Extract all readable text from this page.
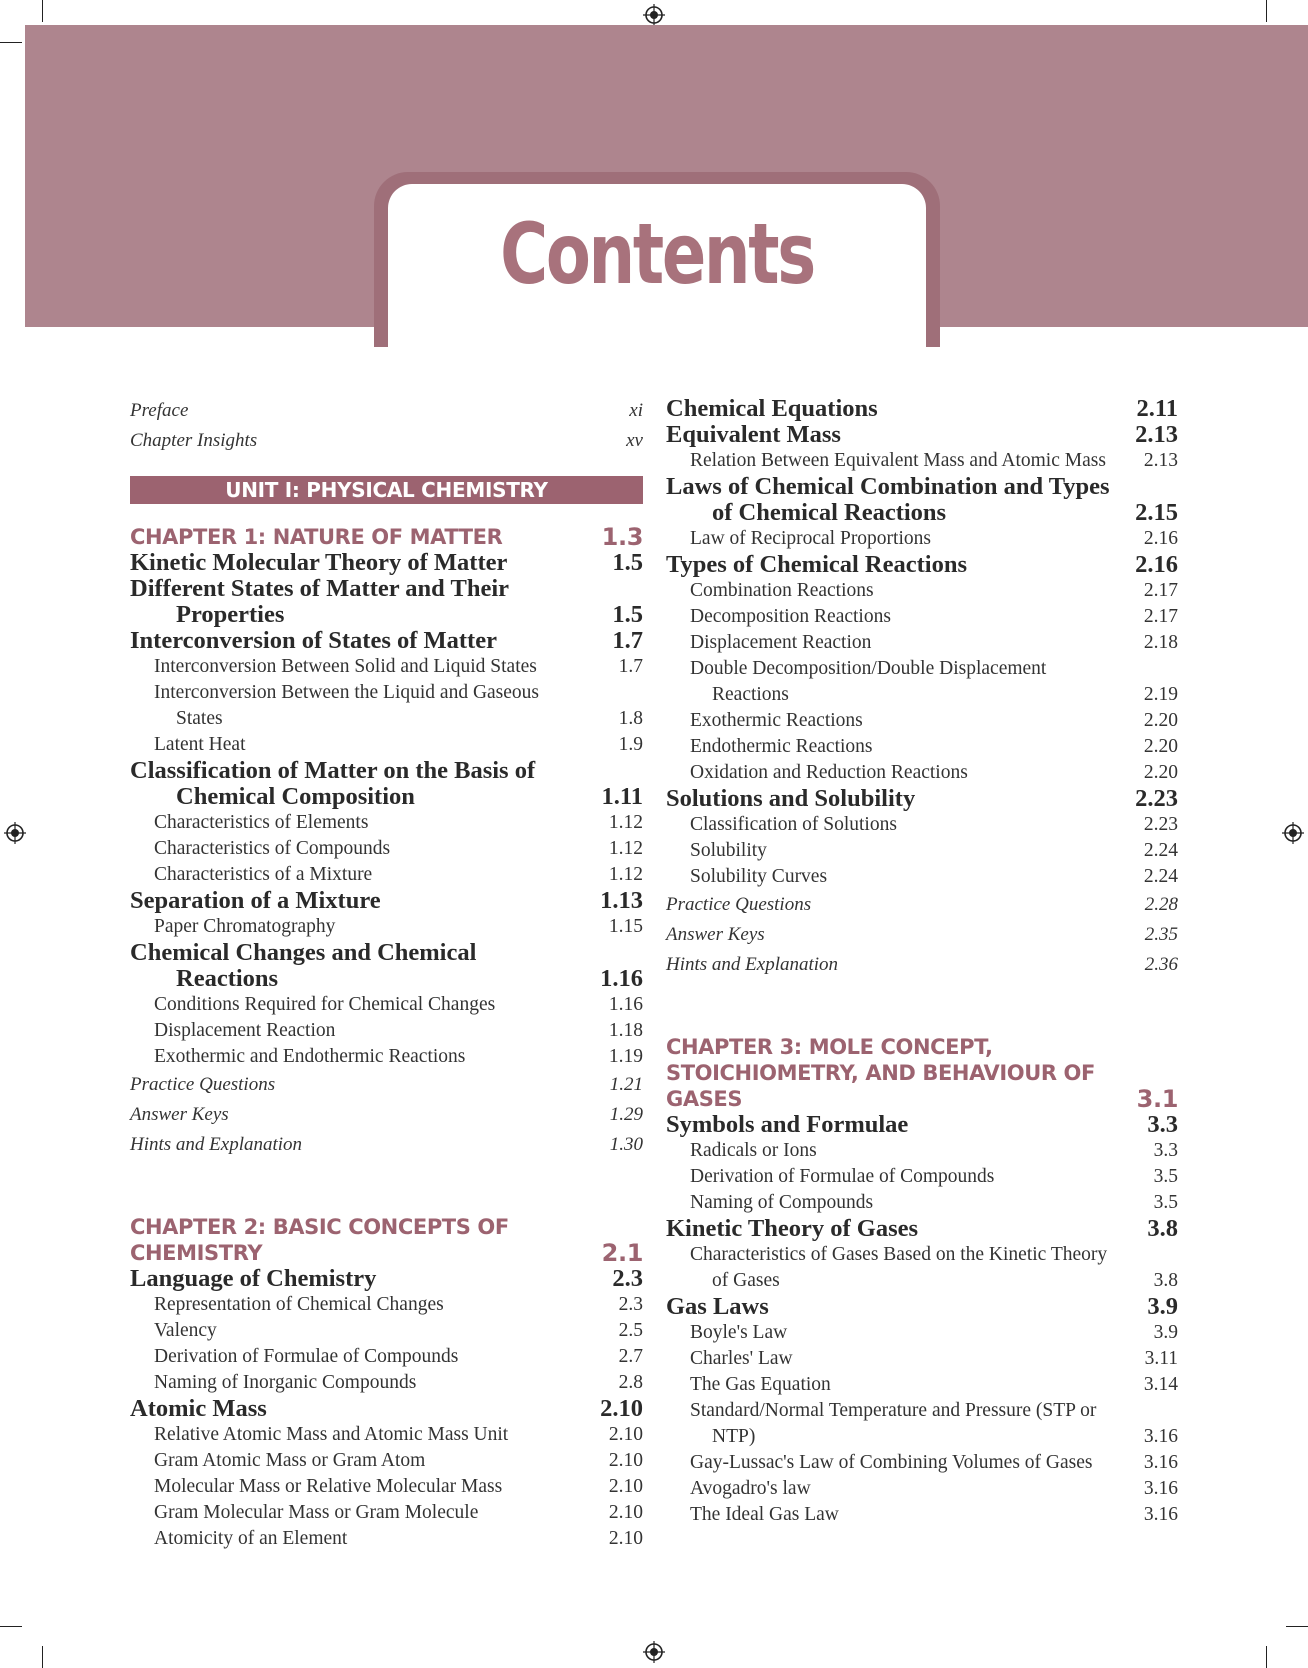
Contents
Preface	xi
Chapter Insights	xv
UNIT I: PHYSICAL CHEMISTRY
CHAPTER 1: NATURE OF MATTER	1.3
Kinetic Molecular Theory of Matter	1.5
Different States of Matter and Their Properties	1.5
Interconversion of States of Matter	1.7
Interconversion Between Solid and Liquid States	1.7
Interconversion Between the Liquid and Gaseous States	1.8
Latent Heat	1.9
Classification of Matter on the Basis of Chemical Composition	1.11
Characteristics of Elements	1.12
Characteristics of Compounds	1.12
Characteristics of a Mixture	1.12
Separation of a Mixture	1.13
Paper Chromatography	1.15
Chemical Changes and Chemical Reactions	1.16
Conditions Required for Chemical Changes	1.16
Displacement Reaction	1.18
Exothermic and Endothermic Reactions	1.19
Practice Questions	1.21
Answer Keys	1.29
Hints and Explanation	1.30
CHAPTER 2: BASIC CONCEPTS OF CHEMISTRY	2.1
Language of Chemistry	2.3
Representation of Chemical Changes	2.3
Valency	2.5
Derivation of Formulae of Compounds	2.7
Naming of Inorganic Compounds	2.8
Atomic Mass	2.10
Relative Atomic Mass and Atomic Mass Unit	2.10
Gram Atomic Mass or Gram Atom	2.10
Molecular Mass or Relative Molecular Mass	2.10
Gram Molecular Mass or Gram Molecule	2.10
Atomicity of an Element	2.10
Chemical Equations	2.11
Equivalent Mass	2.13
Relation Between Equivalent Mass and Atomic Mass	2.13
Laws of Chemical Combination and Types of Chemical Reactions	2.15
Law of Reciprocal Proportions	2.16
Types of Chemical Reactions	2.16
Combination Reactions	2.17
Decomposition Reactions	2.17
Displacement Reaction	2.18
Double Decomposition/Double Displacement Reactions	2.19
Exothermic Reactions	2.20
Endothermic Reactions	2.20
Oxidation and Reduction Reactions	2.20
Solutions and Solubility	2.23
Classification of Solutions	2.23
Solubility	2.24
Solubility Curves	2.24
Practice Questions	2.28
Answer Keys	2.35
Hints and Explanation	2.36
CHAPTER 3: MOLE CONCEPT, STOICHIOMETRY, AND BEHAVIOUR OF GASES	3.1
Symbols and Formulae	3.3
Radicals or Ions	3.3
Derivation of Formulae of Compounds	3.5
Naming of Compounds	3.5
Kinetic Theory of Gases	3.8
Characteristics of Gases Based on the Kinetic Theory of Gases	3.8
Gas Laws	3.9
Boyle's Law	3.9
Charles' Law	3.11
The Gas Equation	3.14
Standard/Normal Temperature and Pressure (STP or NTP)	3.16
Gay-Lussac's Law of Combining Volumes of Gases	3.16
Avogadro's law	3.16
The Ideal Gas Law	3.16
